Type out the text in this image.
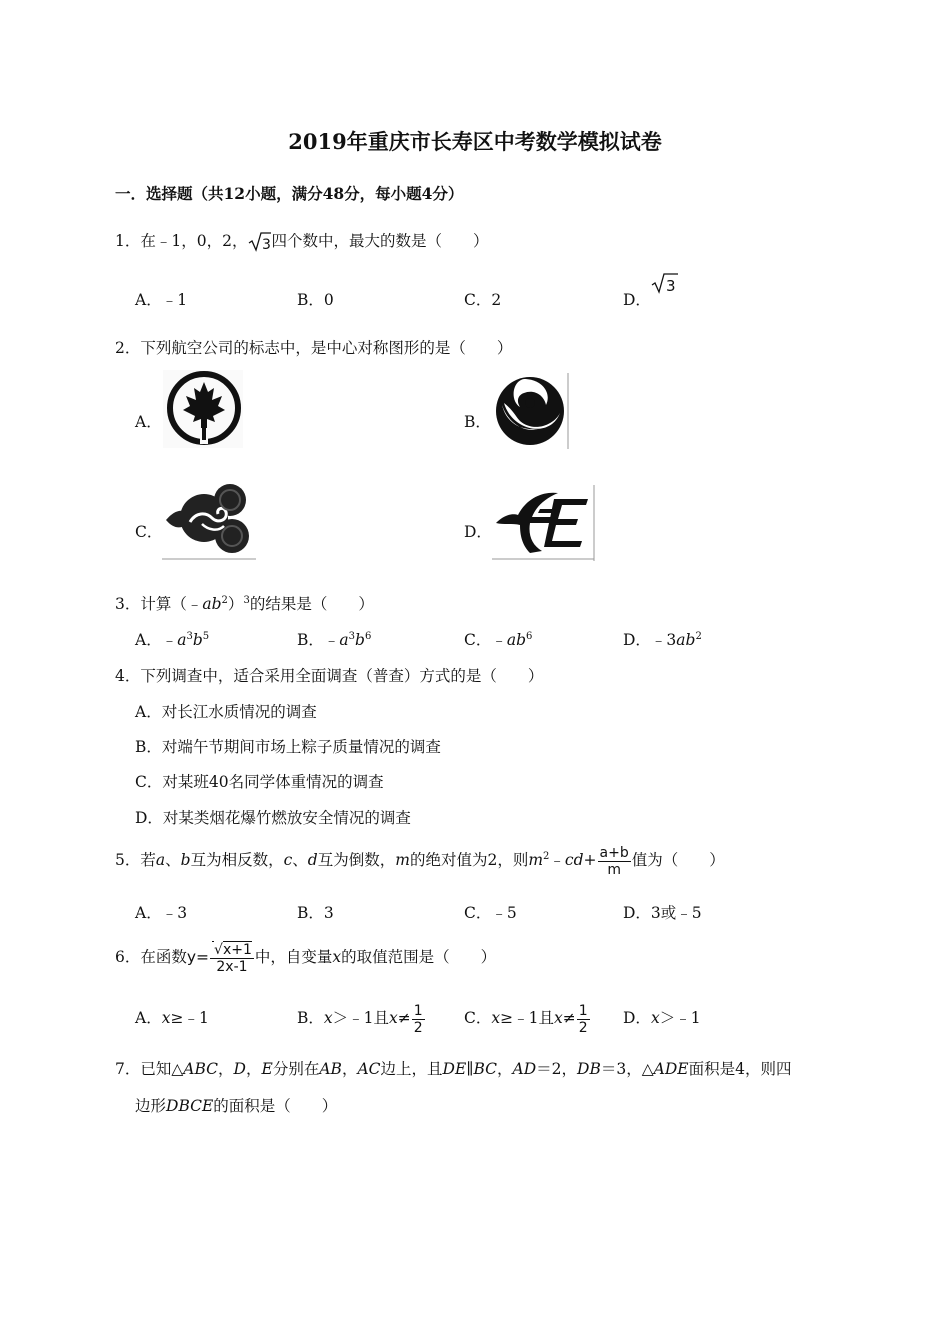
2019年重庆市长寿区中考数学模拟试卷
一．选择题（共12小题，满分48分，每小题4分）
1．在﹣1，0，2， 3 四个数中，最大的数是（　　）
A．﹣1	B．0	C．2	D．
3
2．下列航空公司的标志中，是中心对称图形的是（　　）
A．	B．
C．	D．
3．计算$(﹣ab^2)^3$的结果是（　　）
A．$﹣a^3b^5$	B．$﹣a^3b^6$	C．$﹣ab^6$	D．$﹣3ab^2$
4．下列调查中，适合采用全面调查（普查）方式的是（　　）
A．对长江水质情况的调查
B．对端午节期间市场上粽子质量情况的调查
C．对某班40名同学体重情况的调查
D．对某类烟花爆竹燃放安全情况的调查
5．若a、b互为相反数，c、d互为倒数，m的绝对值为2，则$m^2﹣cd+ \frac{a+b}{m}$ 值为（　　）
A．﹣3	B．3	C．﹣5	D．3或﹣5
6．在函数$y= \frac{√x+1}{2x-1}$ 中，自变量x的取值范围是（　　）
A．x≥﹣1	B．x＞﹣1且$x\ne \frac{1}{2}$	C．x≥﹣1且$x\ne \frac{1}{2}$ D．x＞﹣1
7．已知△ABC，D，E分别在AB，AC边上，且DE∥BC，AD＝2，DB＝3，△ADE面积是4，则四
边形DBCE的面积是（　　）
